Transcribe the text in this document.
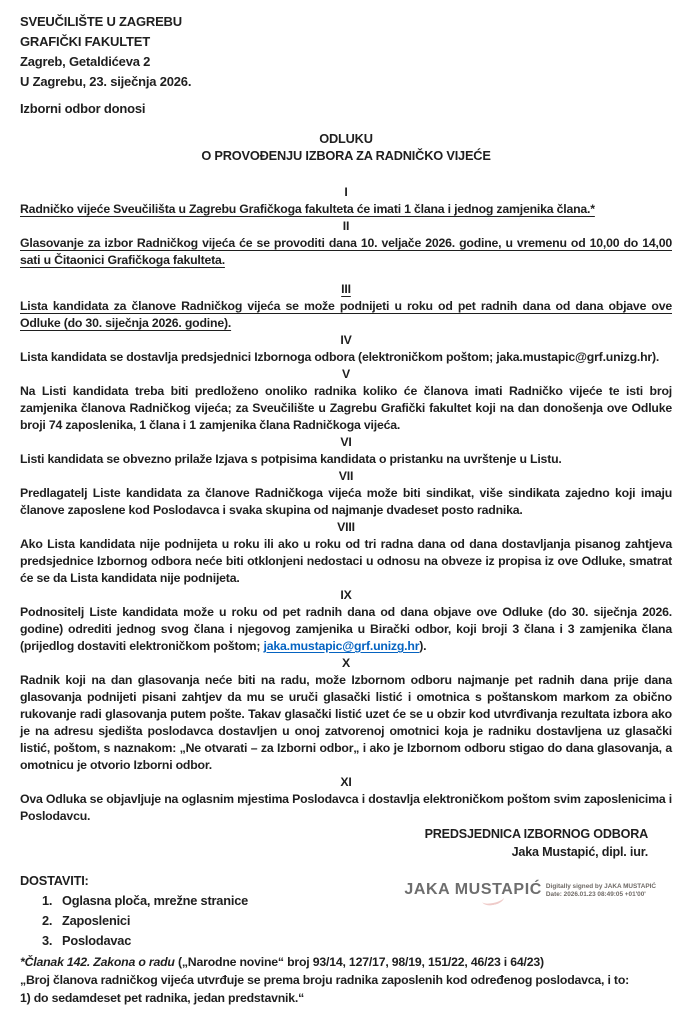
SVEUČILIŠTE U ZAGREBU
GRAFIČKI FAKULTET
Zagreb, Getaldićeva 2
U Zagrebu, 23. siječnja 2026.
Izborni odbor donosi
ODLUKU
O PROVOĐENJU IZBORA ZA RADNIČKO VIJEĆE
I

Radničko vijeće Sveučilišta u Zagrebu Grafičkoga fakulteta će imati 1 člana i jednog zamjenika člana.*

II

Glasovanje za izbor Radničkog vijeća će se provoditi dana 10. veljače 2026. godine, u vremenu od 10,00 do 14,00 sati u Čitaonici Grafičkoga fakulteta.

III

Lista kandidata za članove Radničkog vijeća se može podnijeti u roku od pet radnih dana od dana objave ove Odluke (do 30. siječnja 2026. godine).

IV

Lista kandidata se dostavlja predsjednici Izbornoga odbora (elektroničkom poštom; jaka.mustapic@grf.unizg.hr).

V

Na Listi kandidata treba biti predloženo onoliko radnika koliko će članova imati Radničko vijeće te isti broj zamjenika članova Radničkog vijeća; za Sveučilište u Zagrebu Grafički fakultet koji na dan donošenja ove Odluke broji 74 zaposlenika, 1 člana i 1 zamjenika člana Radničkoga vijeća.

VI

Listi kandidata se obvezno prilaže Izjava s potpisima kandidata o pristanku na uvrštenje u Listu.

VII

Predlagatelj Liste kandidata za članove Radničkoga vijeća može biti sindikat, više sindikata zajedno koji imaju članove zaposlene kod Poslodavca i svaka skupina od najmanje dvadeset posto radnika.

VIII

Ako Lista kandidata nije podnijeta u roku ili ako u roku od tri radna dana od dana dostavljanja pisanog zahtjeva predsjednice Izbornog odbora neće biti otklonjeni nedostaci u odnosu na obveze iz propisa iz ove Odluke, smatrat će se da Lista kandidata nije podnijeta.

IX

Podnositelj Liste kandidata može u roku od pet radnih dana od dana objave ove Odluke (do 30. siječnja 2026. godine) odrediti jednog svog člana i njegovog zamjenika u Birački odbor, koji broji 3 člana i 3 zamjenika člana (prijedlog dostaviti elektroničkom poštom; jaka.mustapic@grf.unizg.hr).

X

Radnik koji na dan glasovanja neće biti na radu, može Izbornom odboru najmanje pet radnih dana prije dana glasovanja podnijeti pisani zahtjev da mu se uruči glasački listić i omotnica s poštanskom markom za obično rukovanje radi glasovanja putem pošte. Takav glasački listić uzet će se u obzir kod utvrđivanja rezultata izbora ako je na adresu sjedišta poslodavca dostavljen u onoj zatvorenoj omotnici koja je radniku dostavljena uz glasački listić, poštom, s naznakom: „Ne otvarati – za Izborni odbor„ i ako je Izbornom odboru stigao do dana glasovanja, a omotnicu je otvorio Izborni odbor.

XI

Ova Odluka se objavljuje na oglasnim mjestima Poslodavca i dostavlja elektroničkom poštom svim zaposlenicima i Poslodavcu.

PREDSJEDNICA IZBORNOG ODBORA
Jaka Mustapić, dipl. iur.
DOSTAVITI:
1. Oglasna ploča, mrežne stranice
2. Zaposlenici
3. Poslodavac
JAKA MUSTAPIĆ Digitally signed by JAKA MUSTAPIĆ
Date: 2026.01.23 08:49:05 +01'00'
*Članak 142. Zakona o radu („Narodne novine“ broj 93/14, 127/17, 98/19, 151/22, 46/23 i 64/23)
„Broj članova radničkog vijeća utvrđuje se prema broju radnika zaposlenih kod određenog poslodavca, i to:
1) do sedamdeset pet radnika, jedan predstavnik.“
